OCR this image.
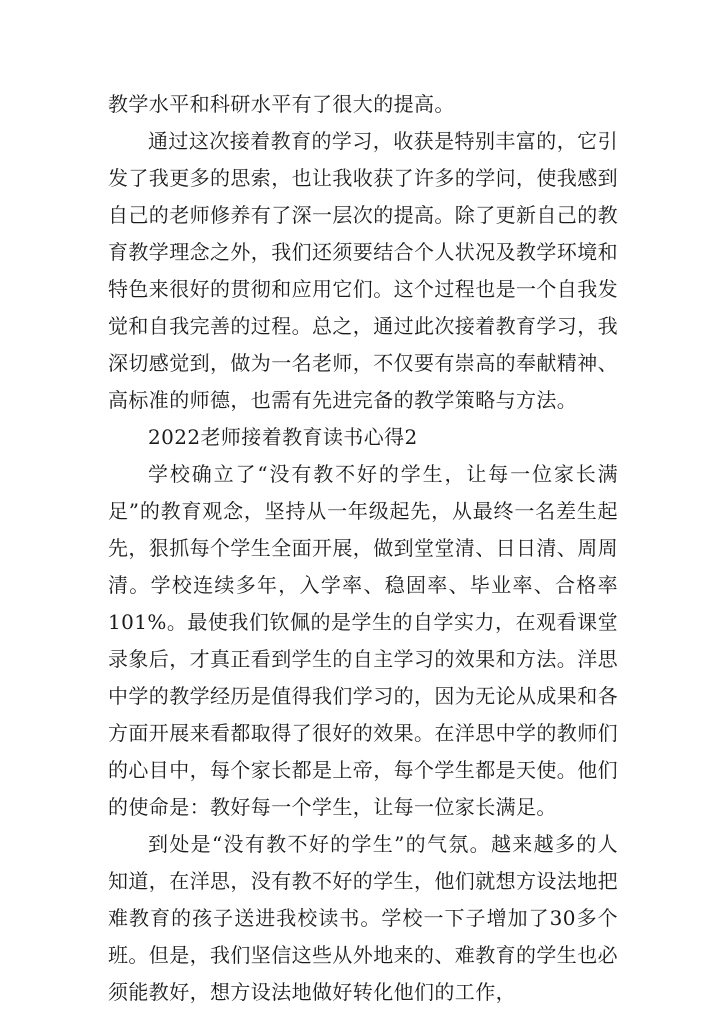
教学水平和科研水平有了很大的提高。

通过这次接着教育的学习，收获是特别丰富的，它引发了我更多的思索，也让我收获了许多的学问，使我感到自己的老师修养有了深一层次的提高。除了更新自己的教育教学理念之外，我们还须要结合个人状况及教学环境和特色来很好的贯彻和应用它们。这个过程也是一个自我发觉和自我完善的过程。总之，通过此次接着教育学习，我深切感觉到，做为一名老师，不仅要有崇高的奉献精神、高标准的师德，也需有先进完备的教学策略与方法。

2022老师接着教育读书心得2

学校确立了“没有教不好的学生，让每一位家长满足”的教育观念，坚持从一年级起先，从最终一名差生起先，狠抓每个学生全面开展，做到堂堂清、日日清、周周清。学校连续多年，入学率、稳固率、毕业率、合格率101%。最使我们钦佩的是学生的自学实力，在观看课堂录象后，才真正看到学生的自主学习的效果和方法。洋思中学的教学经历是值得我们学习的，因为无论从成果和各方面开展来看都取得了很好的效果。在洋思中学的教师们的心目中，每个家长都是上帝，每个学生都是天使。他们的使命是：教好每一个学生，让每一位家长满足。

到处是“没有教不好的学生”的气氛。越来越多的人知道，在洋思，没有教不好的学生，他们就想方设法地把难教育的孩子送进我校读书。学校一下子增加了30多个班。但是，我们坚信这些从外地来的、难教育的学生也必须能教好，想方设法地做好转化他们的工作，
